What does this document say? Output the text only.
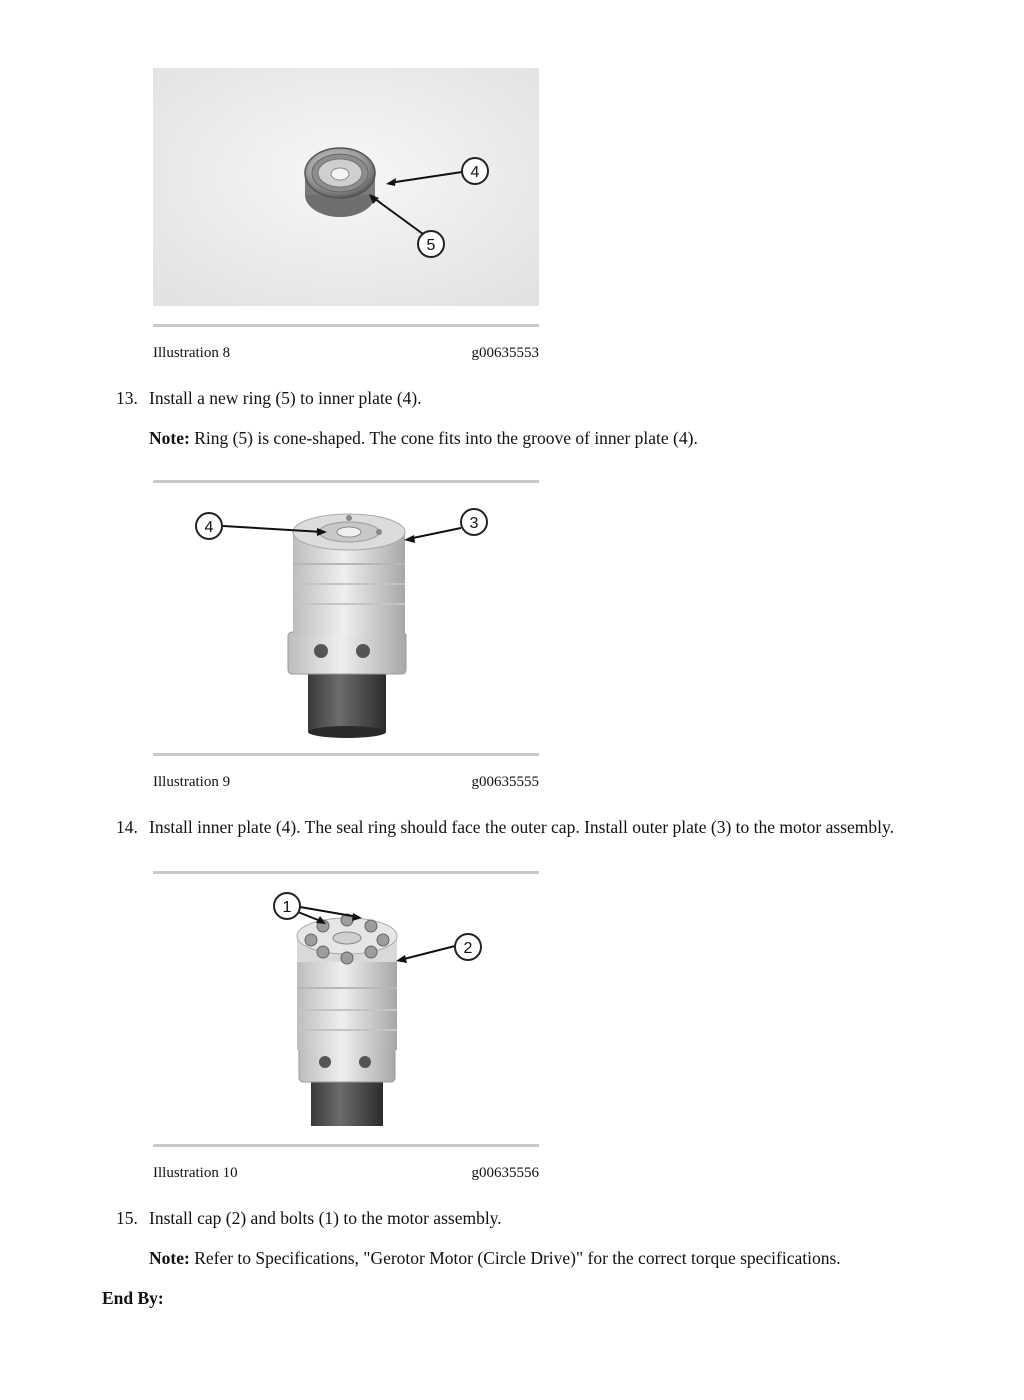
4
5
Illustration 8	g00635553
13. Install a new ring (5) to inner plate (4).
Note: Ring (5) is cone-shaped. The cone fits into the groove of inner plate (4).
4	3
Illustration 9	g00635555
14. Install inner plate (4). The seal ring should face the outer cap. Install outer plate (3) to the motor assembly.
1
2
Illustration 10	g00635556
15. Install cap (2) and bolts (1) to the motor assembly.
Note: Refer to Specifications, "Gerotor Motor (Circle Drive)" for the correct torque specifications.
End By:
